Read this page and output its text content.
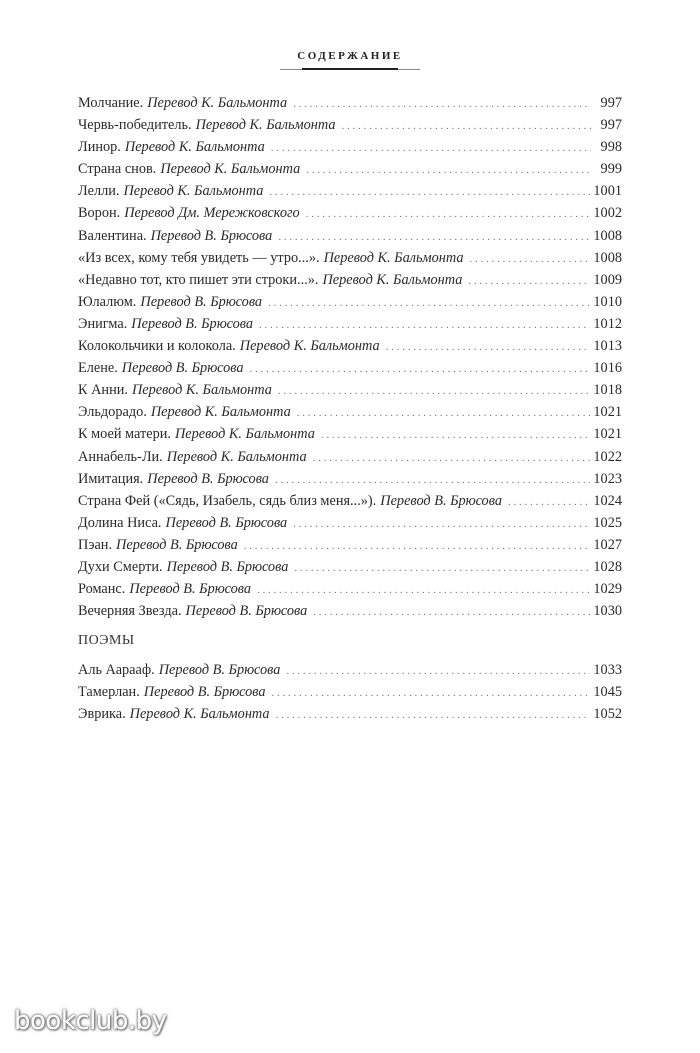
СОДЕРЖАНИЕ
Молчание. Перевод К. Бальмонта . . .	997
Червь-победитель. Перевод К. Бальмонта . . .	997
Линор. Перевод К. Бальмонта . . .	998
Страна снов. Перевод К. Бальмонта . . .	999
Лелли. Перевод К. Бальмонта . . .	1001
Ворон. Перевод Дм. Мережковского . . .	1002
Валентина. Перевод В. Брюсова . . .	1008
«Из всех, кому тебя увидеть — утро...». Перевод К. Бальмонта . . .	1008
«Недавно тот, кто пишет эти строки...». Перевод К. Бальмонта . . .	1009
Юлалюм. Перевод В. Брюсова . . .	1010
Энигма. Перевод В. Брюсова . . .	1012
Колокольчики и колокола. Перевод К. Бальмонта . . .	1013
Елене. Перевод В. Брюсова . . .	1016
К Анни. Перевод К. Бальмонта . . .	1018
Эльдорадо. Перевод К. Бальмонта . . .	1021
К моей матери. Перевод К. Бальмонта . . .	1021
Аннабель-Ли. Перевод К. Бальмонта . . .	1022
Имитация. Перевод В. Брюсова . . .	1023
Страна Фей («Сядь, Изабель, сядь близ меня...»). Перевод В. Брюсова . . .	1024
Долина Ниса. Перевод В. Брюсова . . .	1025
Пэан. Перевод В. Брюсова . . .	1027
Духи Смерти. Перевод В. Брюсова . . .	1028
Романс. Перевод В. Брюсова . . .	1029
Вечерняя Звезда. Перевод В. Брюсова . . .	1030
ПОЭМЫ
Аль Аарааф. Перевод В. Брюсова . . .	1033
Тамерлан. Перевод В. Брюсова . . .	1045
Эврика. Перевод К. Бальмонта . . .	1052
bookclub.by
